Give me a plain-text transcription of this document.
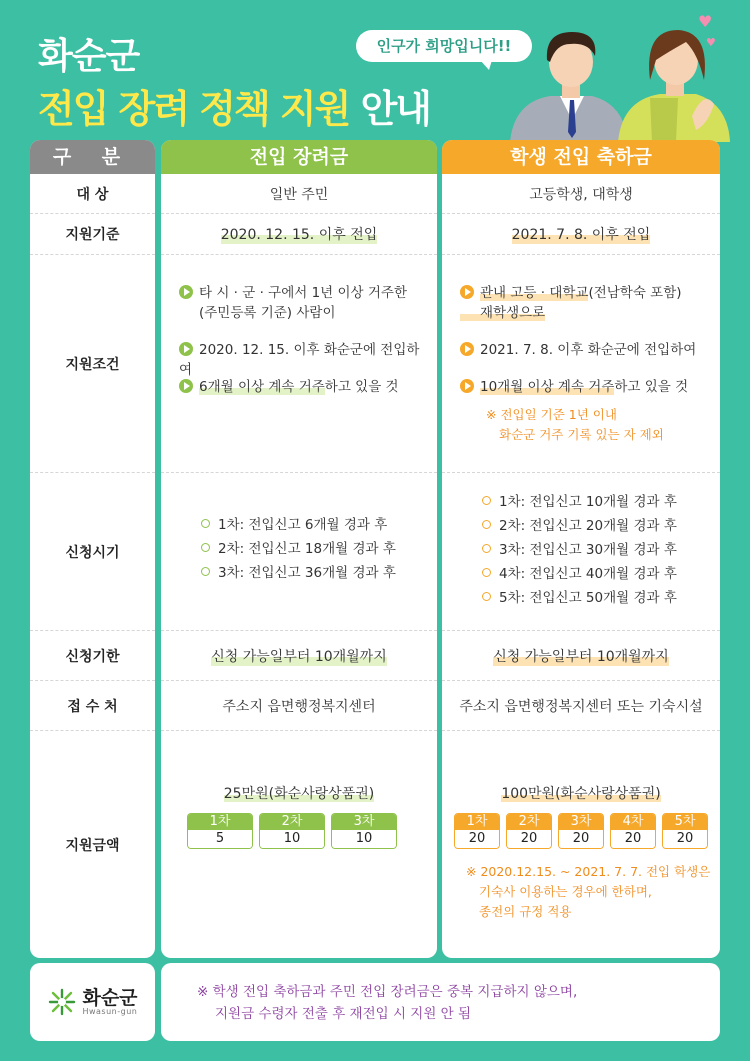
화순군
전입 장려 정책 지원 안내
인구가 희망입니다!!
♥
♥
구 분
대 상
지원기준
지원조건
신청시기
신청기한
접 수 처
지원금액
전입 장려금
일반 주민
2020. 12. 15. 이후 전입
타 시 · 군 · 구에서 1년 이상 거주한
(주민등록 기준) 사람이
2020. 12. 15. 이후 화순군에 전입하여
6개월 이상 계속 거주하고 있을 것
1차: 전입신고 6개월 경과 후
2차: 전입신고 18개월 경과 후
3차: 전입신고 36개월 경과 후
신청 가능일부터 10개월까지
주소지 읍면행정복지센터
25만원(화순사랑상품권)
1차
5
2차
10
3차
10
학생 전입 축하금
고등학생, 대학생
2021. 7. 8. 이후 전입
관내 고등 · 대학교(전남학숙 포함)
재학생으로
2021. 7. 8. 이후 화순군에 전입하여
10개월 이상 계속 거주하고 있을 것
※ 전입일 기준 1년 이내
화순군 거주 기록 있는 자 제외
1차: 전입신고 10개월 경과 후
2차: 전입신고 20개월 경과 후
3차: 전입신고 30개월 경과 후
4차: 전입신고 40개월 경과 후
5차: 전입신고 50개월 경과 후
신청 가능일부터 10개월까지
주소지 읍면행정복지센터 또는 기숙시설
100만원(화순사랑상품권)
1차
20
2차
20
3차
20
4차
20
5차
20
※ 2020.12.15. ~ 2021. 7. 7. 전입 학생은
기숙사 이용하는 경우에 한하며,
종전의 규정 적용
화순군
Hwasun-gun
※ 학생 전입 축하금과 주민 전입 장려금은 중복 지급하지 않으며,
지원금 수령자 전출 후 재전입 시 지원 안 됨
